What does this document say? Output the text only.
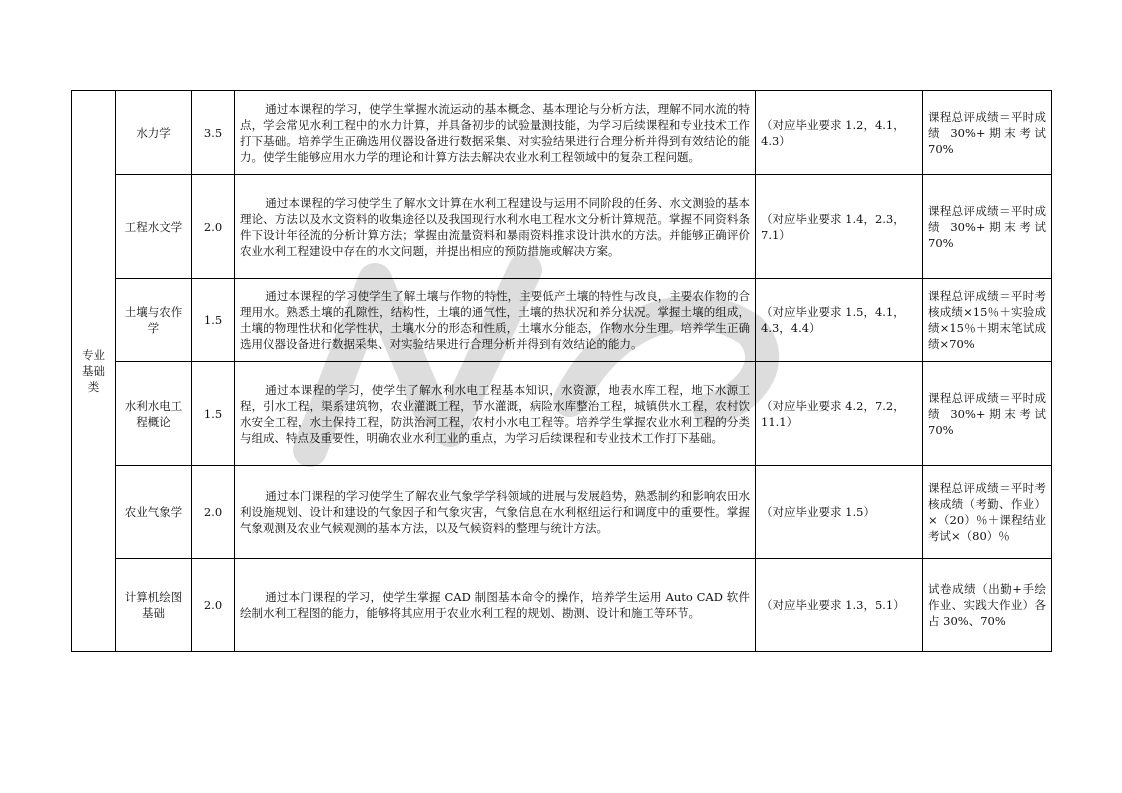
专业基础类	水力学	3.5	通过本课程的学习，使学生掌握水流运动的基本概念、基本理论与分析方法，理解不同水流的特点，学会常见水利工程中的水力计算，并具备初步的试验量测技能，为学习后续课程和专业技术工作打下基础。培养学生正确选用仪器设备进行数据采集、对实验结果进行合理分析并得到有效结论的能力。使学生能够应用水力学的理论和计算方法去解决农业水利工程领域中的复杂工程问题。	（对应毕业要求 1.2，4.1，4.3）	课程总评成绩＝平时成绩 30%+期末考试70%
	工程水文学	2.0	通过本课程的学习使学生了解水文计算在水利工程建设与运用不同阶段的任务、水文测验的基本理论、方法以及水文资料的收集途径以及我国现行水利水电工程水文分析计算规范。掌握不同资料条件下设计年径流的分析计算方法；掌握由流量资料和暴雨资料推求设计洪水的方法。并能够正确评价农业水利工程建设中存在的水文问题，并提出相应的预防措施或解决方案。	（对应毕业要求 1.4，2.3，7.1）	课程总评成绩＝平时成绩 30%+期末考试70%
	土壤与农作学	1.5	通过本课程的学习使学生了解土壤与作物的特性，主要低产土壤的特性与改良，主要农作物的合理用水。熟悉土壤的孔隙性，结构性，土壤的通气性，土壤的热状况和养分状况。掌握土壤的组成，土壤的物理性状和化学性状，土壤水分的形态和性质，土壤水分能态，作物水分生理。培养学生正确选用仪器设备进行数据采集、对实验结果进行合理分析并得到有效结论的能力。	（对应毕业要求 1.5，4.1，4.3，4.4）	课程总评成绩＝平时考核成绩×15％＋实验成绩×15％＋期末笔试成绩×70%
	水利水电工程概论	1.5	通过本课程的学习，使学生了解水利水电工程基本知识，水资源，地表水库工程，地下水源工程，引水工程，渠系建筑物，农业灌溉工程，节水灌溉，病险水库整治工程，城镇供水工程，农村饮水安全工程，水土保持工程，防洪治河工程，农村小水电工程等。培养学生掌握农业水利工程的分类与组成、特点及重要性，明确农业水利工业的重点，为学习后续课程和专业技术工作打下基础。	（对应毕业要求 4.2，7.2，11.1）	课程总评成绩＝平时成绩 30%+期末考试70%
	农业气象学	2.0	通过本门课程的学习使学生了解农业气象学学科领域的进展与发展趋势，熟悉制约和影响农田水利设施规划、设计和建设的气象因子和气象灾害，气象信息在水利枢纽运行和调度中的重要性。掌握气象观测及农业气候观测的基本方法，以及气候资料的整理与统计方法。	（对应毕业要求 1.5）	课程总评成绩＝平时考核成绩（考勤、作业）×（20）％＋课程结业考试×（80）％
	计算机绘图基础	2.0	通过本门课程的学习，使学生掌握 CAD 制图基本命令的操作，培养学生运用 Auto CAD 软件绘制水利工程图的能力，能够将其应用于农业水利工程的规划、勘测、设计和施工等环节。	（对应毕业要求 1.3，5.1）	试卷成绩（出勤+手绘作业、实践大作业）各占 30%、70%
